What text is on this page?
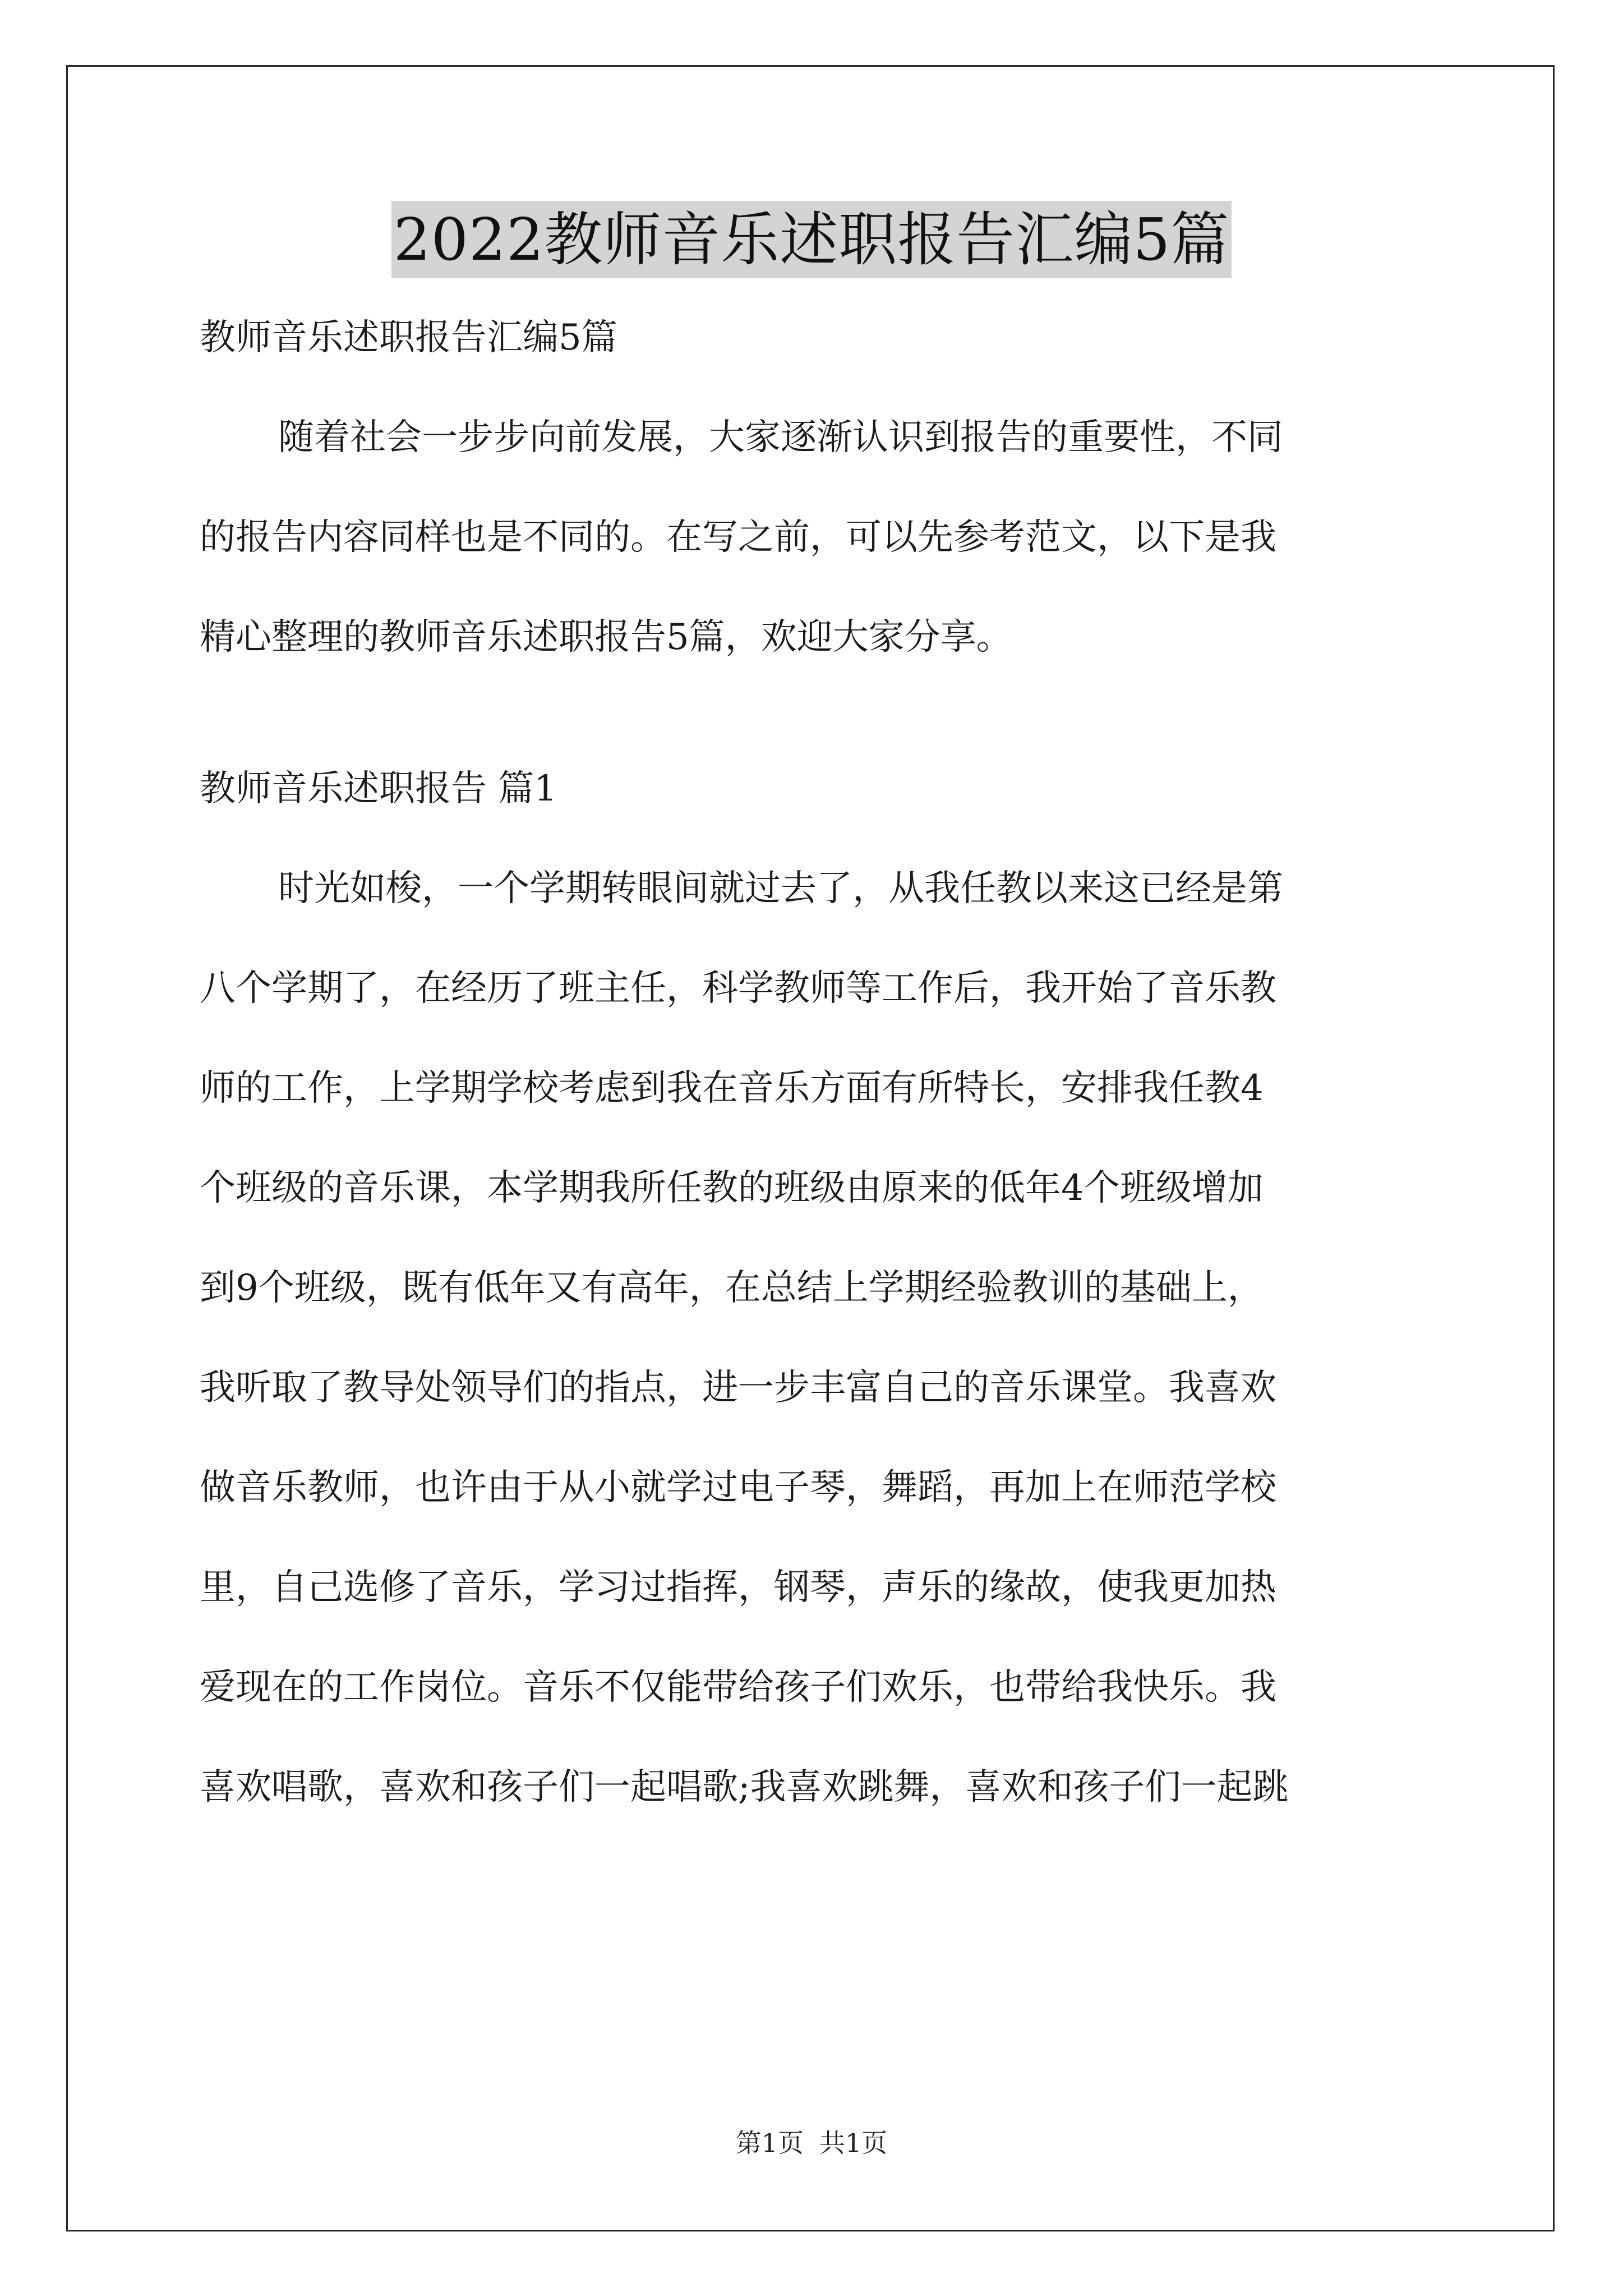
2022教师音乐述职报告汇编5篇
教师音乐述职报告汇编5篇
随着社会一步步向前发展，大家逐渐认识到报告的重要性，不同
的报告内容同样也是不同的。在写之前，可以先参考范文，以下是我
精心整理的教师音乐述职报告5篇，欢迎大家分享。
教师音乐述职报告 篇1
时光如梭，一个学期转眼间就过去了，从我任教以来这已经是第
八个学期了，在经历了班主任，科学教师等工作后，我开始了音乐教
师的工作，上学期学校考虑到我在音乐方面有所特长，安排我任教4
个班级的音乐课，本学期我所任教的班级由原来的低年4个班级增加
到9个班级，既有低年又有高年，在总结上学期经验教训的基础上，
我听取了教导处领导们的指点，进一步丰富自己的音乐课堂。我喜欢
做音乐教师，也许由于从小就学过电子琴，舞蹈，再加上在师范学校
里，自己选修了音乐，学习过指挥，钢琴，声乐的缘故，使我更加热
爱现在的工作岗位。音乐不仅能带给孩子们欢乐，也带给我快乐。我
喜欢唱歌，喜欢和孩子们一起唱歌;我喜欢跳舞，喜欢和孩子们一起跳
第1页 共1页
